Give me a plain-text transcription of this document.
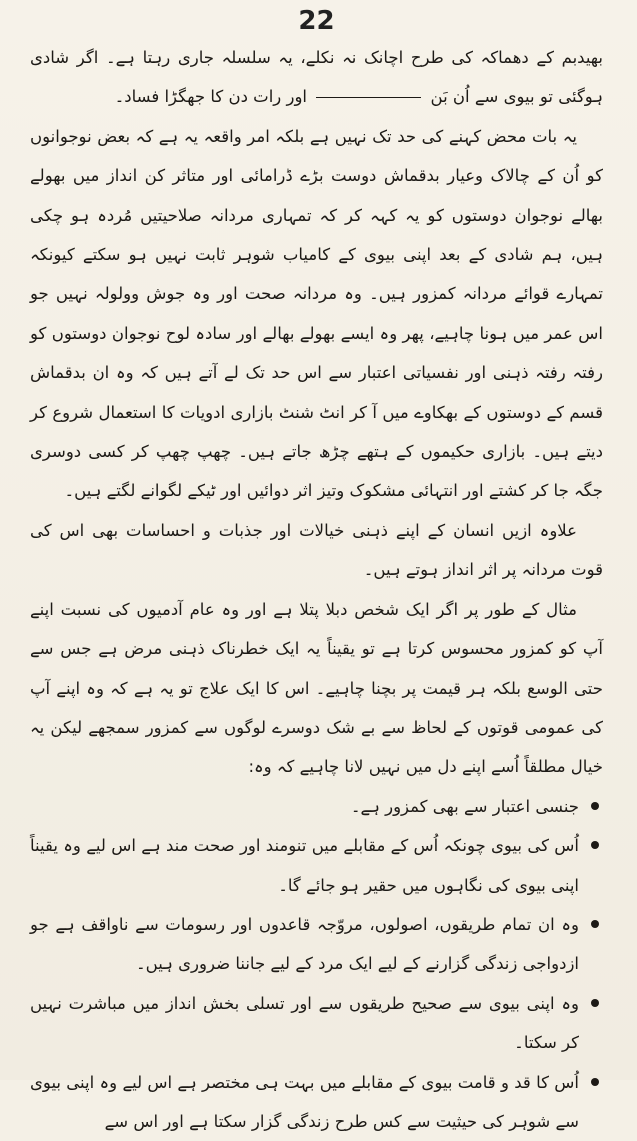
22

بھیدبم کے دھماکہ کی طرح اچانک نہ نکلے، یہ سلسلہ جاری رہتا ہے۔ اگر شادی ہوگئی تو بیوی سے اُن بَن  اور رات دن کا جھگڑا فساد۔

یہ بات محض کہنے کی حد تک نہیں ہے بلکہ امر واقعہ یہ ہے کہ بعض نوجوانوں کو اُن کے چالاک وعیار بدقماش دوست بڑے ڈرامائی اور متاثر کن انداز میں بھولے بھالے نوجوان دوستوں کو یہ کہہ کر کہ تمہاری مردانہ صلاحیتیں مُردہ ہو چکی ہیں، ہم شادی کے بعد اپنی بیوی کے کامیاب شوہر ثابت نہیں ہو سکتے کیونکہ تمہارے قوائے مردانہ کمزور ہیں۔ وہ مردانہ صحت اور وہ جوش وولولہ نہیں جو اس عمر میں ہونا چاہیے، پھر وہ ایسے بھولے بھالے اور سادہ لوح نوجوان دوستوں کو رفتہ رفتہ ذہنی اور نفسیاتی اعتبار سے اس حد تک لے آتے ہیں کہ وہ ان بدقماش قسم کے دوستوں کے بھکاوے میں آ کر انٹ شنٹ بازاری ادویات کا استعمال شروع کر دیتے ہیں۔ بازاری حکیموں کے ہتھے چڑھ جاتے ہیں۔ چھپ چھپ کر کسی دوسری جگہ جا کر کشتے اور انتہائی مشکوک وتیز اثر دوائیں اور ٹیکے لگوانے لگتے ہیں۔

علاوہ ازیں انسان کے اپنے ذہنی خیالات اور جذبات و احساسات بھی اس کی قوت مردانہ پر اثر انداز ہوتے ہیں۔

مثال کے طور پر اگر ایک شخص دبلا پتلا ہے اور وہ عام آدمیوں کی نسبت اپنے آپ کو کمزور محسوس کرتا ہے تو یقیناً یہ ایک خطرناک ذہنی مرض ہے جس سے حتی الوسع بلکہ ہر قیمت پر بچنا چاہیے۔ اس کا ایک علاج تو یہ ہے کہ وہ اپنے آپ کی عمومی قوتوں کے لحاظ سے بے شک دوسرے لوگوں سے کمزور سمجھے لیکن یہ خیال مطلقاً اُسے اپنے دل میں نہیں لانا چاہیے کہ وہ:

جنسی اعتبار سے بھی کمزور ہے۔
اُس کی بیوی چونکہ اُس کے مقابلے میں تنومند اور صحت مند ہے اس لیے وہ یقیناً اپنی بیوی کی نگاہوں میں حقیر ہو جائے گا۔
وہ ان تمام طریقوں، اصولوں، مروّجہ قاعدوں اور رسومات سے ناواقف ہے جو ازدواجی زندگی گزارنے کے لیے ایک مرد کے لیے جاننا ضروری ہیں۔
وہ اپنی بیوی سے صحیح طریقوں سے اور تسلی بخش انداز میں مباشرت نہیں کر سکتا۔
اُس کا قد و قامت بیوی کے مقابلے میں بہت ہی مختصر ہے اس لیے وہ اپنی بیوی سے شوہر کی حیثیت سے کس طرح زندگی گزار سکتا ہے اور اس سے
